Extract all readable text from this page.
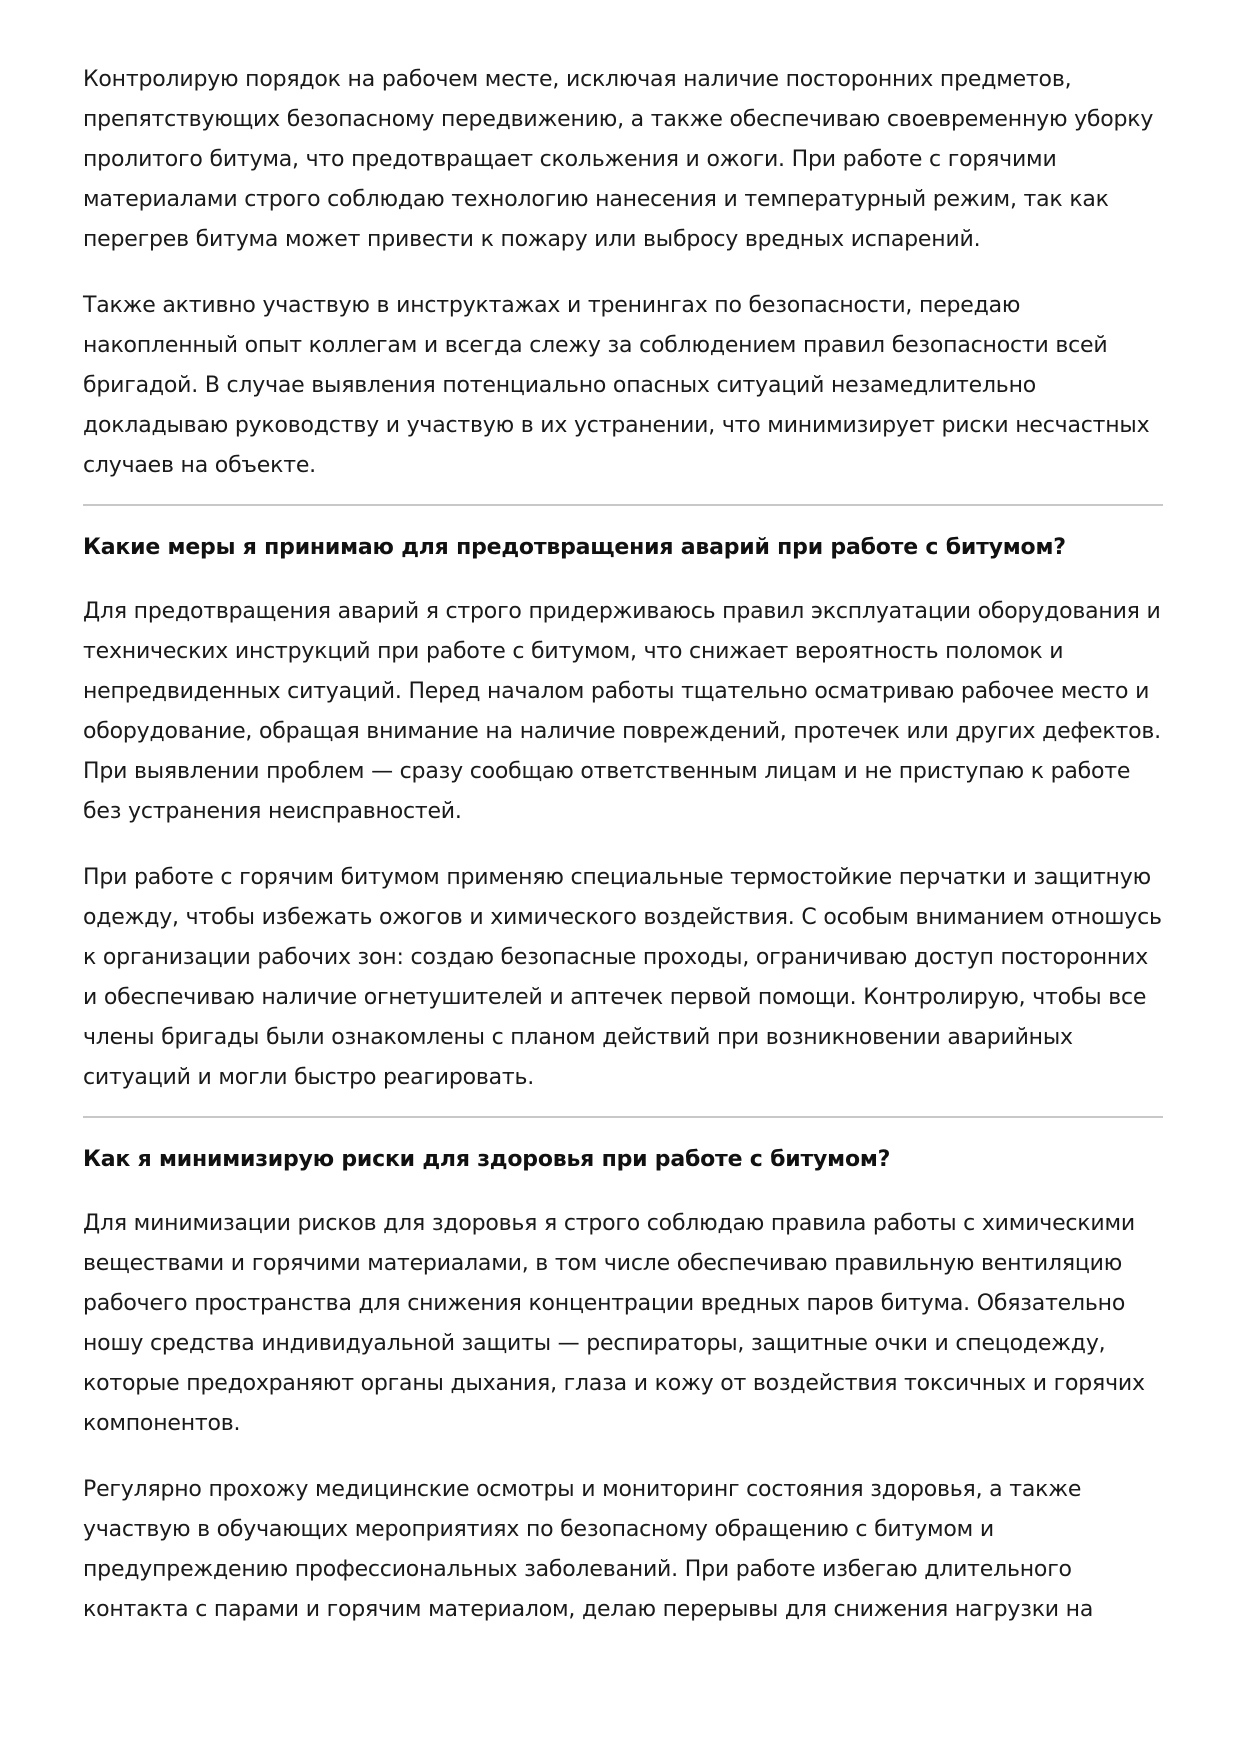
Контролирую порядок на рабочем месте, исключая наличие посторонних предметов, препятствующих безопасному передвижению, а также обеспечиваю своевременную уборку пролитого битума, что предотвращает скольжения и ожоги. При работе с горячими материалами строго соблюдаю технологию нанесения и температурный режим, так как перегрев битума может привести к пожару или выбросу вредных испарений.

Также активно участвую в инструктажах и тренингах по безопасности, передаю накопленный опыт коллегам и всегда слежу за соблюдением правил безопасности всей бригадой. В случае выявления потенциально опасных ситуаций незамедлительно докладываю руководству и участвую в их устранении, что минимизирует риски несчастных случаев на объекте.

Какие меры я принимаю для предотвращения аварий при работе с битумом?

Для предотвращения аварий я строго придерживаюсь правил эксплуатации оборудования и технических инструкций при работе с битумом, что снижает вероятность поломок и непредвиденных ситуаций. Перед началом работы тщательно осматриваю рабочее место и оборудование, обращая внимание на наличие повреждений, протечек или других дефектов. При выявлении проблем — сразу сообщаю ответственным лицам и не приступаю к работе без устранения неисправностей.

При работе с горячим битумом применяю специальные термостойкие перчатки и защитную одежду, чтобы избежать ожогов и химического воздействия. С особым вниманием отношусь к организации рабочих зон: создаю безопасные проходы, ограничиваю доступ посторонних и обеспечиваю наличие огнетушителей и аптечек первой помощи. Контролирую, чтобы все члены бригады были ознакомлены с планом действий при возникновении аварийных ситуаций и могли быстро реагировать.

Как я минимизирую риски для здоровья при работе с битумом?

Для минимизации рисков для здоровья я строго соблюдаю правила работы с химическими веществами и горячими материалами, в том числе обеспечиваю правильную вентиляцию рабочего пространства для снижения концентрации вредных паров битума. Обязательно ношу средства индивидуальной защиты — респираторы, защитные очки и спецодежду, которые предохраняют органы дыхания, глаза и кожу от воздействия токсичных и горячих компонентов.

Регулярно прохожу медицинские осмотры и мониторинг состояния здоровья, а также участвую в обучающих мероприятиях по безопасному обращению с битумом и предупреждению профессиональных заболеваний. При работе избегаю длительного контакта с парами и горячим материалом, делаю перерывы для снижения нагрузки на
